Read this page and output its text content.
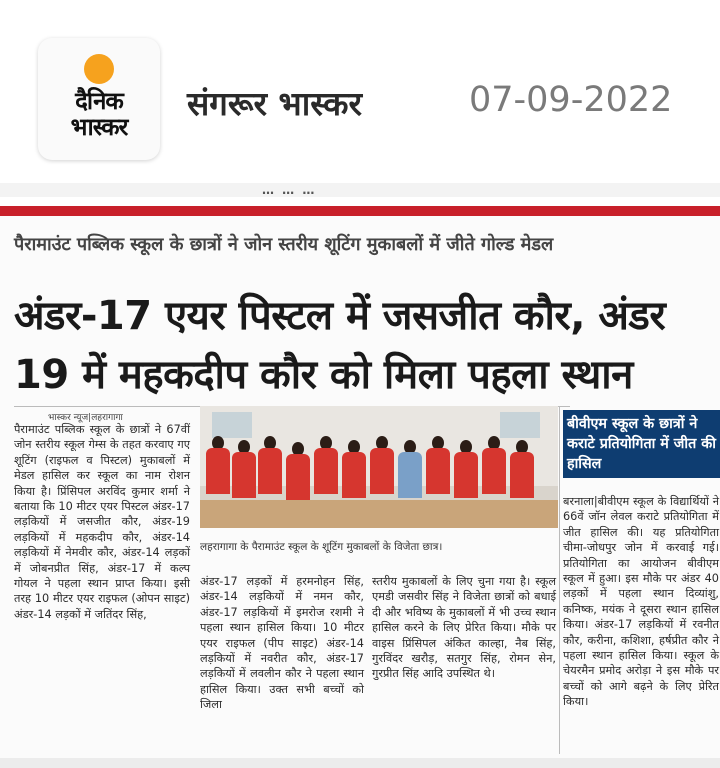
दैनिक
भास्कर
संगरूर भास्कर	07-09-2022
… … …
पैरामाउंट पब्लिक स्कूल के छात्रों ने जोन स्तरीय शूटिंग मुकाबलों में जीते गोल्ड मेडल
अंडर-17 एयर पिस्टल में जसजीत कौर, अंडर
19 में महकदीप कौर को मिला पहला स्थान
भास्कर न्यूज|लहरागागा

पैरामाउंट पब्लिक स्कूल के छात्रों ने 67वीं जोन स्तरीय स्कूल गेम्स के तहत करवाए गए शूटिंग (राइफल व पिस्टल) मुकाबलों में मेडल हासिल कर स्कूल का नाम रोशन किया है। प्रिंसिपल अरविंद कुमार शर्मा ने बताया कि 10 मीटर एयर पिस्टल अंडर-17 लड़कियों में जसजीत कौर, अंडर-19 लड़कियों में महकदीप कौर, अंडर-14 लड़कियों में नेमवीर कौर, अंडर-14 लड़कों में जोबनप्रीत सिंह, अंडर-17 में कल्प गोयल ने पहला स्थान प्राप्त किया। इसी तरह 10 मीटर एयर राइफल (ओपन साइट) अंडर-14 लड़कों में जतिंदर सिंह,

लहरागागा के पैरामाउंट स्कूल के शूटिंग मुकाबलों के विजेता छात्र।

अंडर-17 लड़कों में हरमनोहन सिंह, अंडर-14 लड़कियों में नमन कौर, अंडर-17 लड़कियों में इमरोज रशमी ने पहला स्थान हासिल किया। 10 मीटर एयर राइफल (पीप साइट) अंडर-14 लड़कियों में नवरीत कौर, अंडर-17 लड़कियों में लवलीन कौर ने पहला स्थान हासिल किया। उक्त सभी बच्चों को जिला

स्तरीय मुकाबलों के लिए चुना गया है। स्कूल एमडी जसवीर सिंह ने विजेता छात्रों को बधाई दी और भविष्य के मुकाबलों में भी उच्च स्थान हासिल करने के लिए प्रेरित किया। मौके पर वाइस प्रिंसिपल अंकित काल्हा, नैब सिंह, गुरविंदर खरौड़, सतगुर सिंह, रोमन सेन, गुरप्रीत सिंह आदि उपस्थित थे।

बीवीएम स्कूल के छात्रों ने कराटे प्रतियोगिता में जीत की हासिल

बरनाला|बीवीएम स्कूल के विद्यार्थियों ने 66वें जॉन लेवल कराटे प्रतियोगिता में जीत हासिल की। यह प्रतियोगिता चीमा-जोधपुर जोन में करवाई गई। प्रतियोगिता का आयोजन बीवीएम स्कूल में हुआ। इस मौके पर अंडर 40 लड़कों में पहला स्थान दिव्यांशु, कनिष्क, मयंक ने दूसरा स्थान हासिल किया। अंडर-17 लड़कियों में रवनीत कौर, करीना, कशिशा, हर्षप्रीत कौर ने पहला स्थान हासिल किया। स्कूल के चेयरमैन प्रमोद अरोड़ा ने इस मौके पर बच्चों को आगे बढ़ने के लिए प्रेरित किया।
